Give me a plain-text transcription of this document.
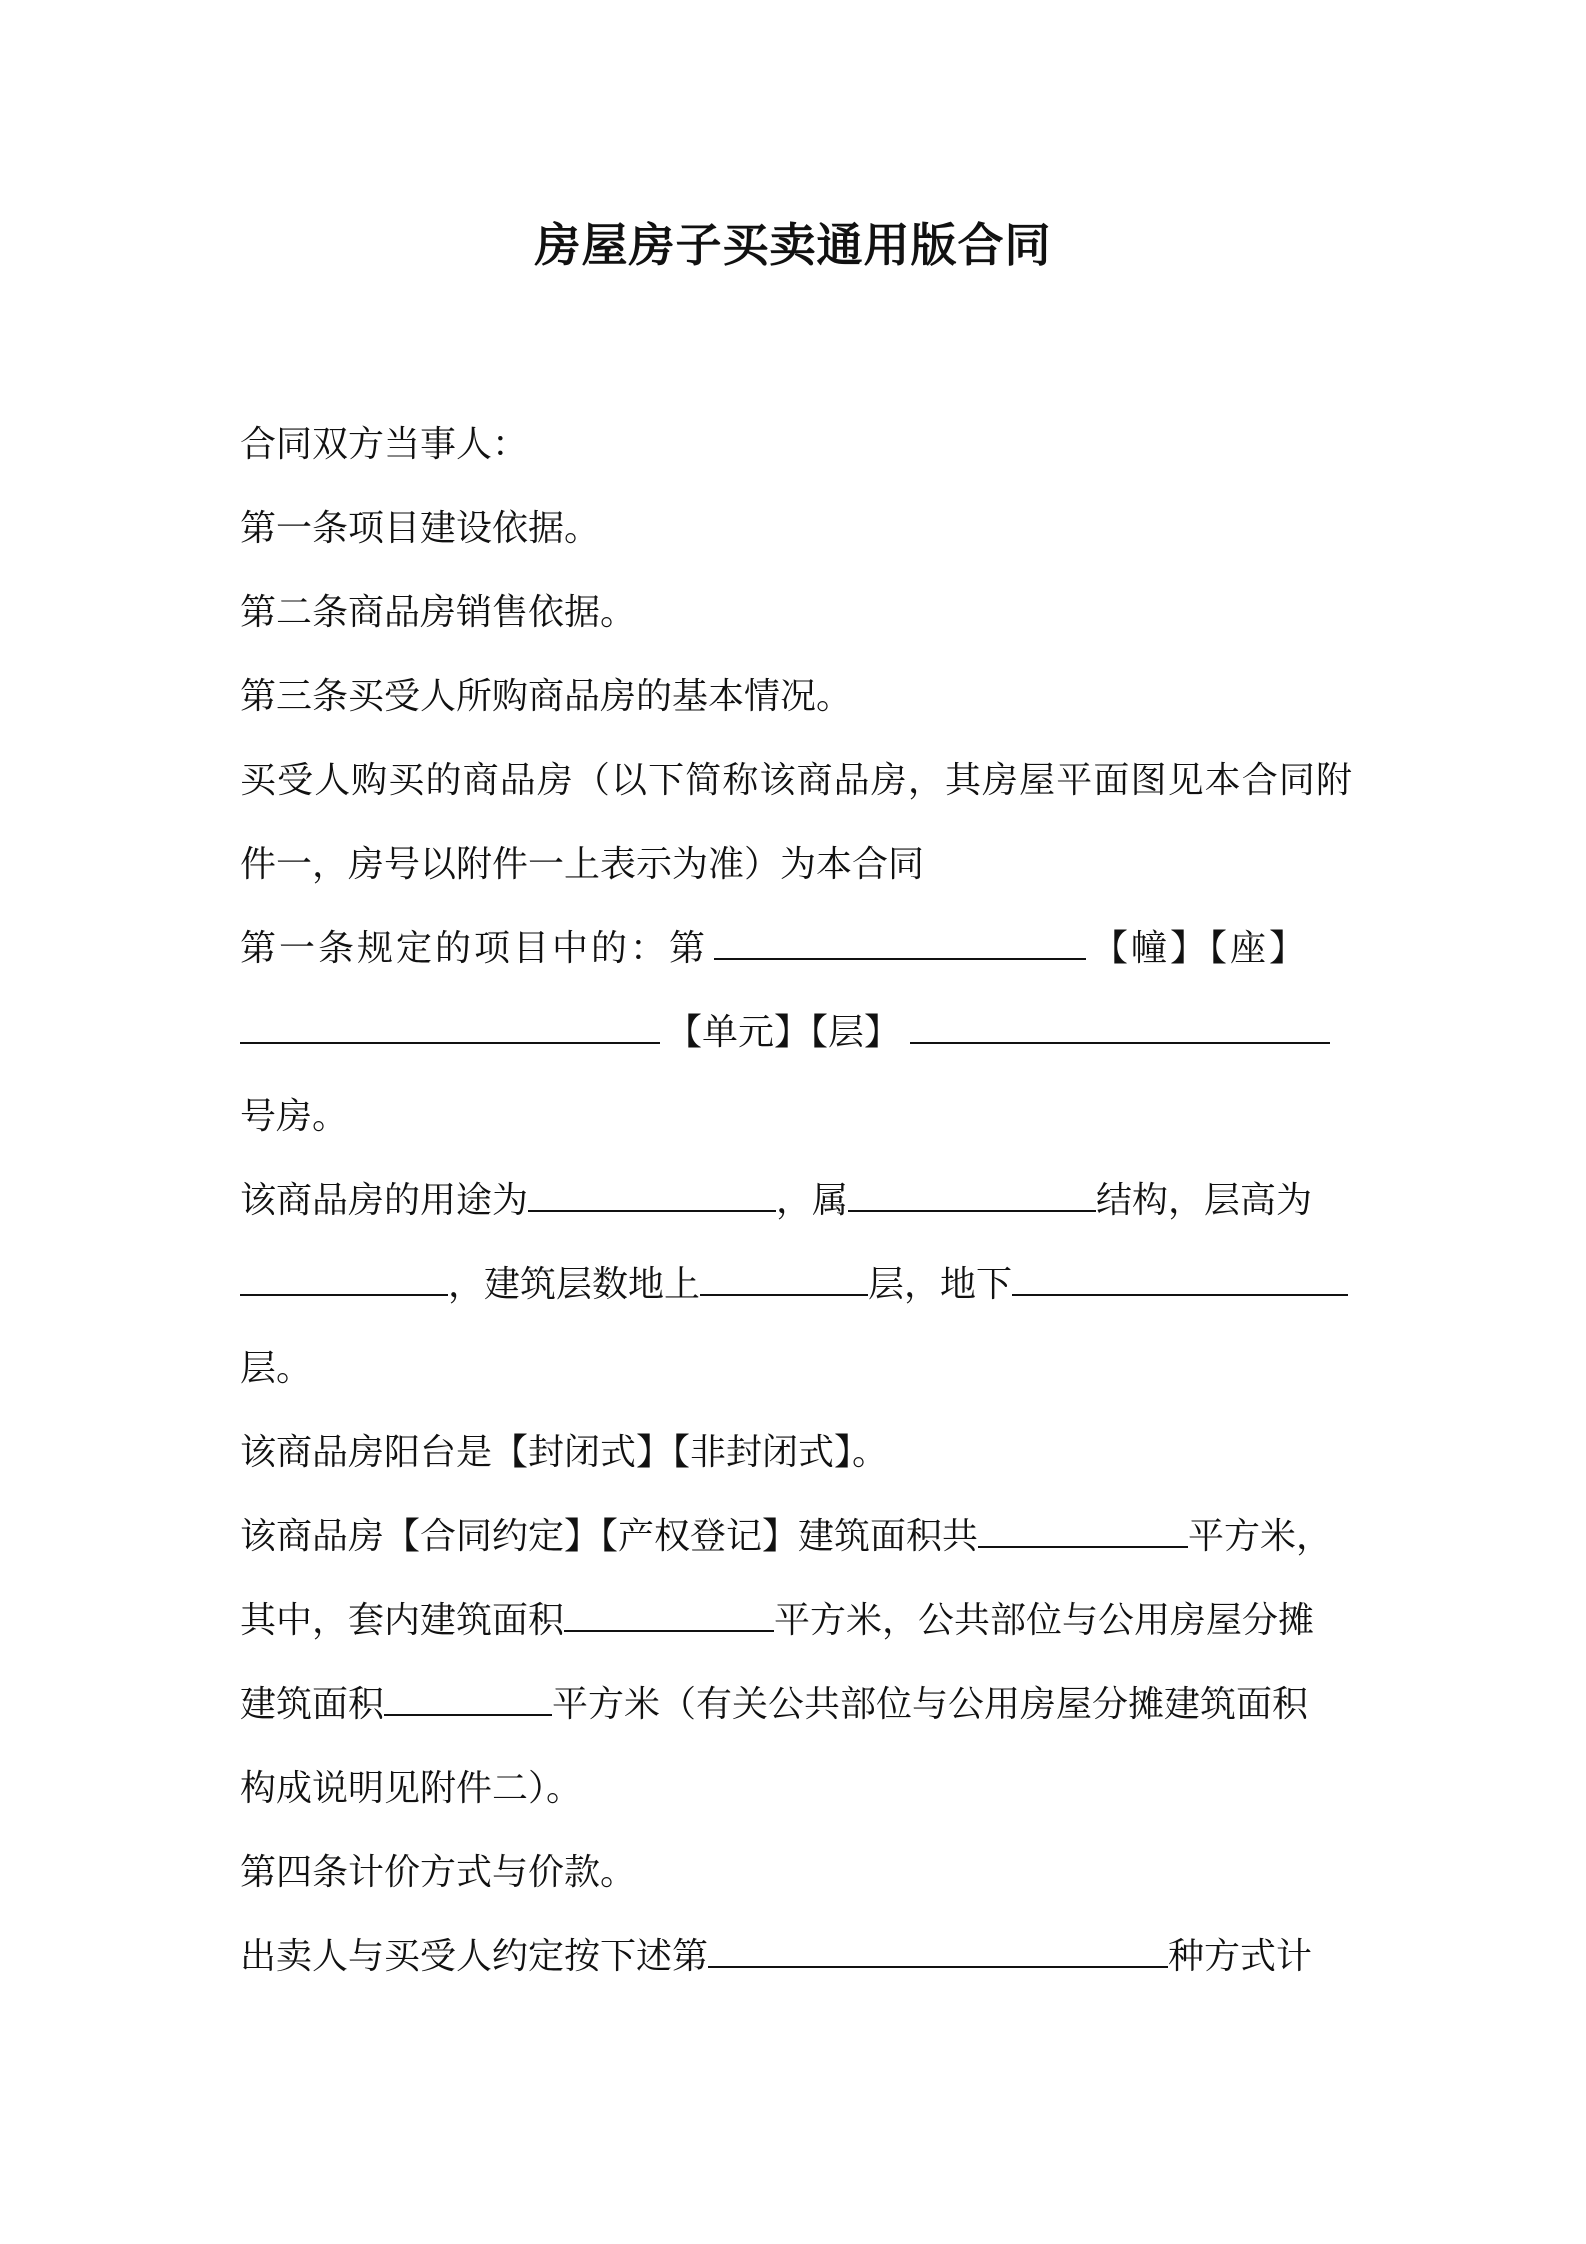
房屋房子买卖通用版合同
合同双方当事人：
第一条项目建设依据。
第二条商品房销售依据。
第三条买受人所购商品房的基本情况。
买受人购买的商品房（以下简称该商品房，其房屋平面图见本合同附
件一，房号以附件一上表示为准）为本合同
第一条规定的项目中的：第	【幢】【座】
【单元】【层】
号房。
该商品房的用途为	，属	结构，层高为
，建筑层数地上	层，地下
层。
该商品房阳台是【封闭式】【非封闭式】。
该商品房【合同约定】【产权登记】建筑面积共	平方米，
其中，套内建筑面积	平方米，公共部位与公用房屋分摊
建筑面积	平方米（有关公共部位与公用房屋分摊建筑面积
构成说明见附件二）。
第四条计价方式与价款。
出卖人与买受人约定按下述第	种方式计
